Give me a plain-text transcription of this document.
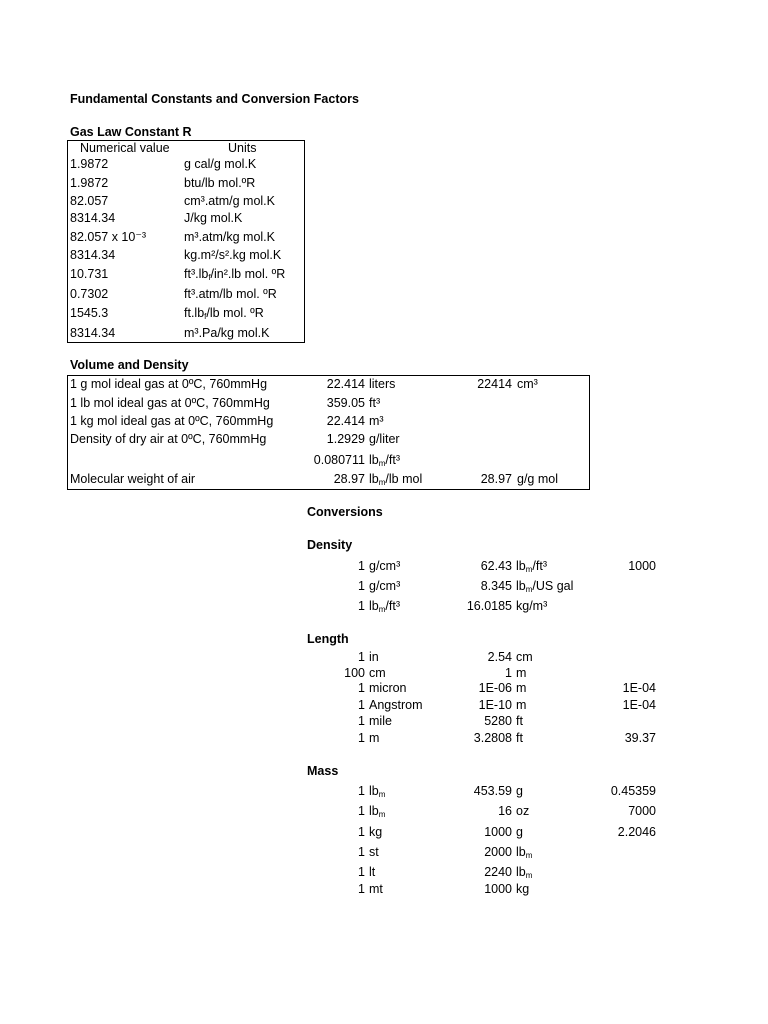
Fundamental Constants and Conversion Factors
Gas Law Constant R
Numerical value	Units
1.9872	g cal/g mol.K
1.9872	btu/lb mol.ºR
82.057	cm³.atm/g mol.K
8314.34	J/kg mol.K
82.057 x 10⁻³	m³.atm/kg mol.K
8314.34	kg.m²/s².kg mol.K
10.731	$ft^3.lb_f/in^2.lb$ mol. ºR
0.7302	ft³.atm/lb mol. ºR
1545.3	$ft.lb_f/lb$ mol. ºR
8314.34	m³.Pa/kg mol.K
Volume and Density
1 g mol ideal gas at 0ºC, 760mmHg	22.414 liters	22414 cm³
1 lb mol ideal gas at 0ºC, 760mmHg	359.05 ft³
1 kg mol ideal gas at 0ºC, 760mmHg	22.414 m³
Density of dry air at 0ºC, 760mmHg	1.2929 g/liter
0.080711 $lb_m$/ft³
Molecular weight of air	28.97 $lb_m/lb$ mol	28.97 g/g mol
Conversions
Density
1 g/cm³	62.43 $lb_m$/ft³	1000
1 g/cm³	8.345 $lb_m/US$ gal
1 $lb_m$/ft³	16.0185 kg/m³
Length
1 in	2.54 cm
100 cm	1 m
1 micron	1E-06 m	1E-04
1 Angstrom	1E-10 m	1E-04
1 mile	5280 ft
1 m	3.2808 ft	39.37
Mass
1 $lb_m$	453.59 g	0.45359
1 $lb_m$	16 oz	7000
1 kg	1000 g	2.2046
1 st	2000 $lb_m$
1 lt	2240 $lb_m$
1 mt	1000 kg
